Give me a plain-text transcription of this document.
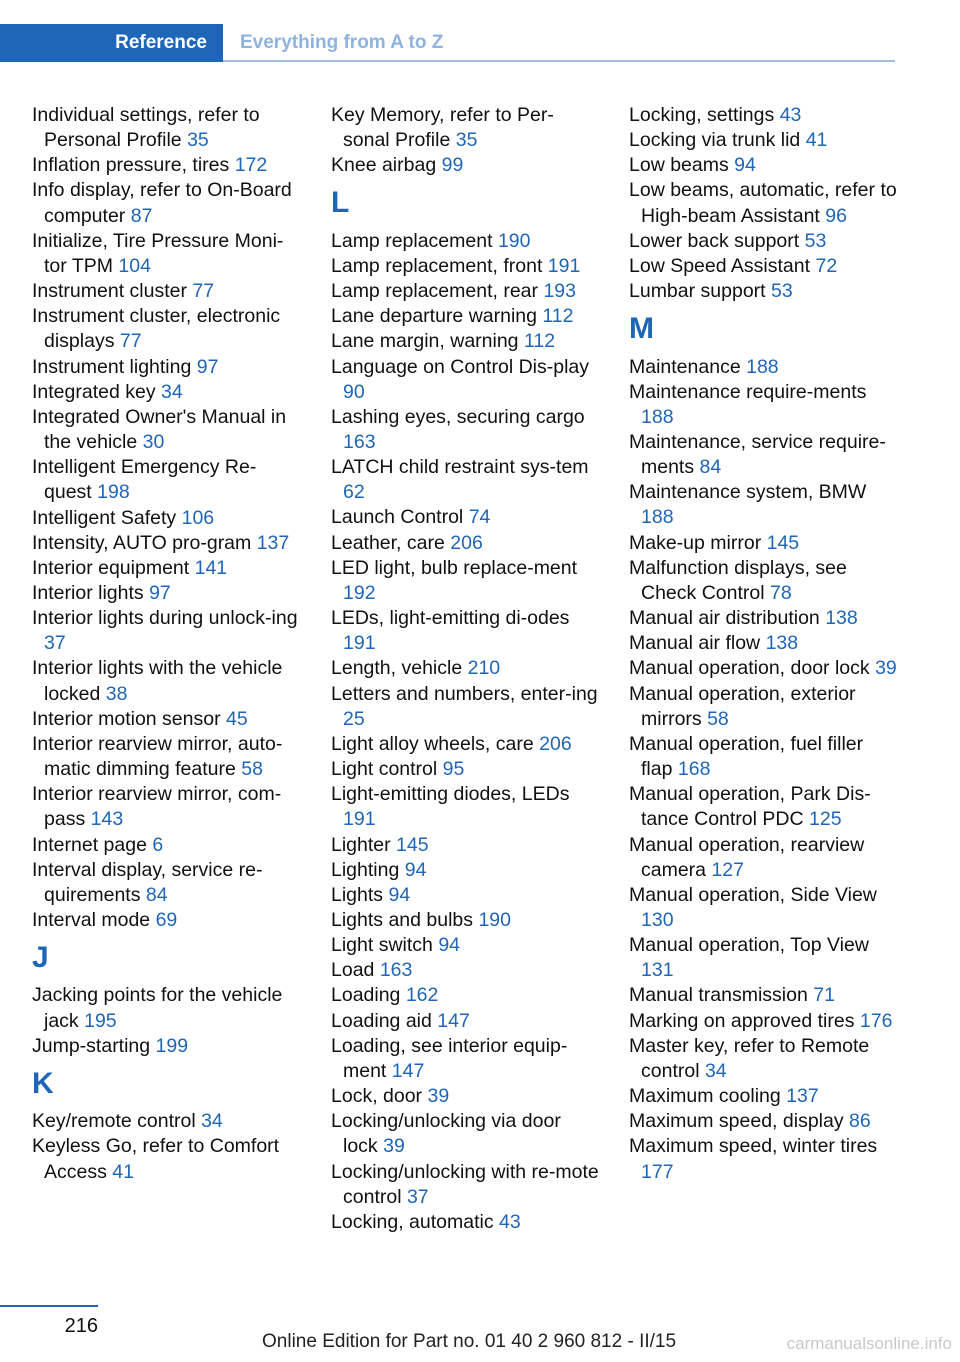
Reference Everything from A to Z
Individual settings, refer to Personal Profile 35
Inflation pressure, tires 172
Info display, refer to On-Board computer 87
Initialize, Tire Pressure Moni-tor TPM 104
Instrument cluster 77
Instrument cluster, electronic displays 77
Instrument lighting 97
Integrated key 34
Integrated Owner's Manual in the vehicle 30
Intelligent Emergency Re-quest 198
Intelligent Safety 106
Intensity, AUTO pro-gram 137
Interior equipment 141
Interior lights 97
Interior lights during unlock-ing 37
Interior lights with the vehicle locked 38
Interior motion sensor 45
Interior rearview mirror, auto-matic dimming feature 58
Interior rearview mirror, com-pass 143
Internet page 6
Interval display, service re-quirements 84
Interval mode 69
J
Jacking points for the vehicle jack 195
Jump-starting 199
K
Key/remote control 34
Keyless Go, refer to Comfort Access 41
Key Memory, refer to Per-sonal Profile 35
Knee airbag 99
L
Lamp replacement 190
Lamp replacement, front 191
Lamp replacement, rear 193
Lane departure warning 112
Lane margin, warning 112
Language on Control Dis-play 90
Lashing eyes, securing cargo 163
LATCH child restraint sys-tem 62
Launch Control 74
Leather, care 206
LED light, bulb replace-ment 192
LEDs, light-emitting di-odes 191
Length, vehicle 210
Letters and numbers, enter-ing 25
Light alloy wheels, care 206
Light control 95
Light-emitting diodes, LEDs 191
Lighter 145
Lighting 94
Lights 94
Lights and bulbs 190
Light switch 94
Load 163
Loading 162
Loading aid 147
Loading, see interior equip-ment 147
Lock, door 39
Locking/unlocking via door lock 39
Locking/unlocking with re-mote control 37
Locking, automatic 43
Locking, settings 43
Locking via trunk lid 41
Low beams 94
Low beams, automatic, refer to High-beam Assistant 96
Lower back support 53
Low Speed Assistant 72
Lumbar support 53
M
Maintenance 188
Maintenance require-ments 188
Maintenance, service require-ments 84
Maintenance system, BMW 188
Make-up mirror 145
Malfunction displays, see Check Control 78
Manual air distribution 138
Manual air flow 138
Manual operation, door lock 39
Manual operation, exterior mirrors 58
Manual operation, fuel filler flap 168
Manual operation, Park Dis-tance Control PDC 125
Manual operation, rearview camera 127
Manual operation, Side View 130
Manual operation, Top View 131
Manual transmission 71
Marking on approved tires 176
Master key, refer to Remote control 34
Maximum cooling 137
Maximum speed, display 86
Maximum speed, winter tires 177
216
Online Edition for Part no. 01 40 2 960 812 - II/15	carmanualsonline.info
